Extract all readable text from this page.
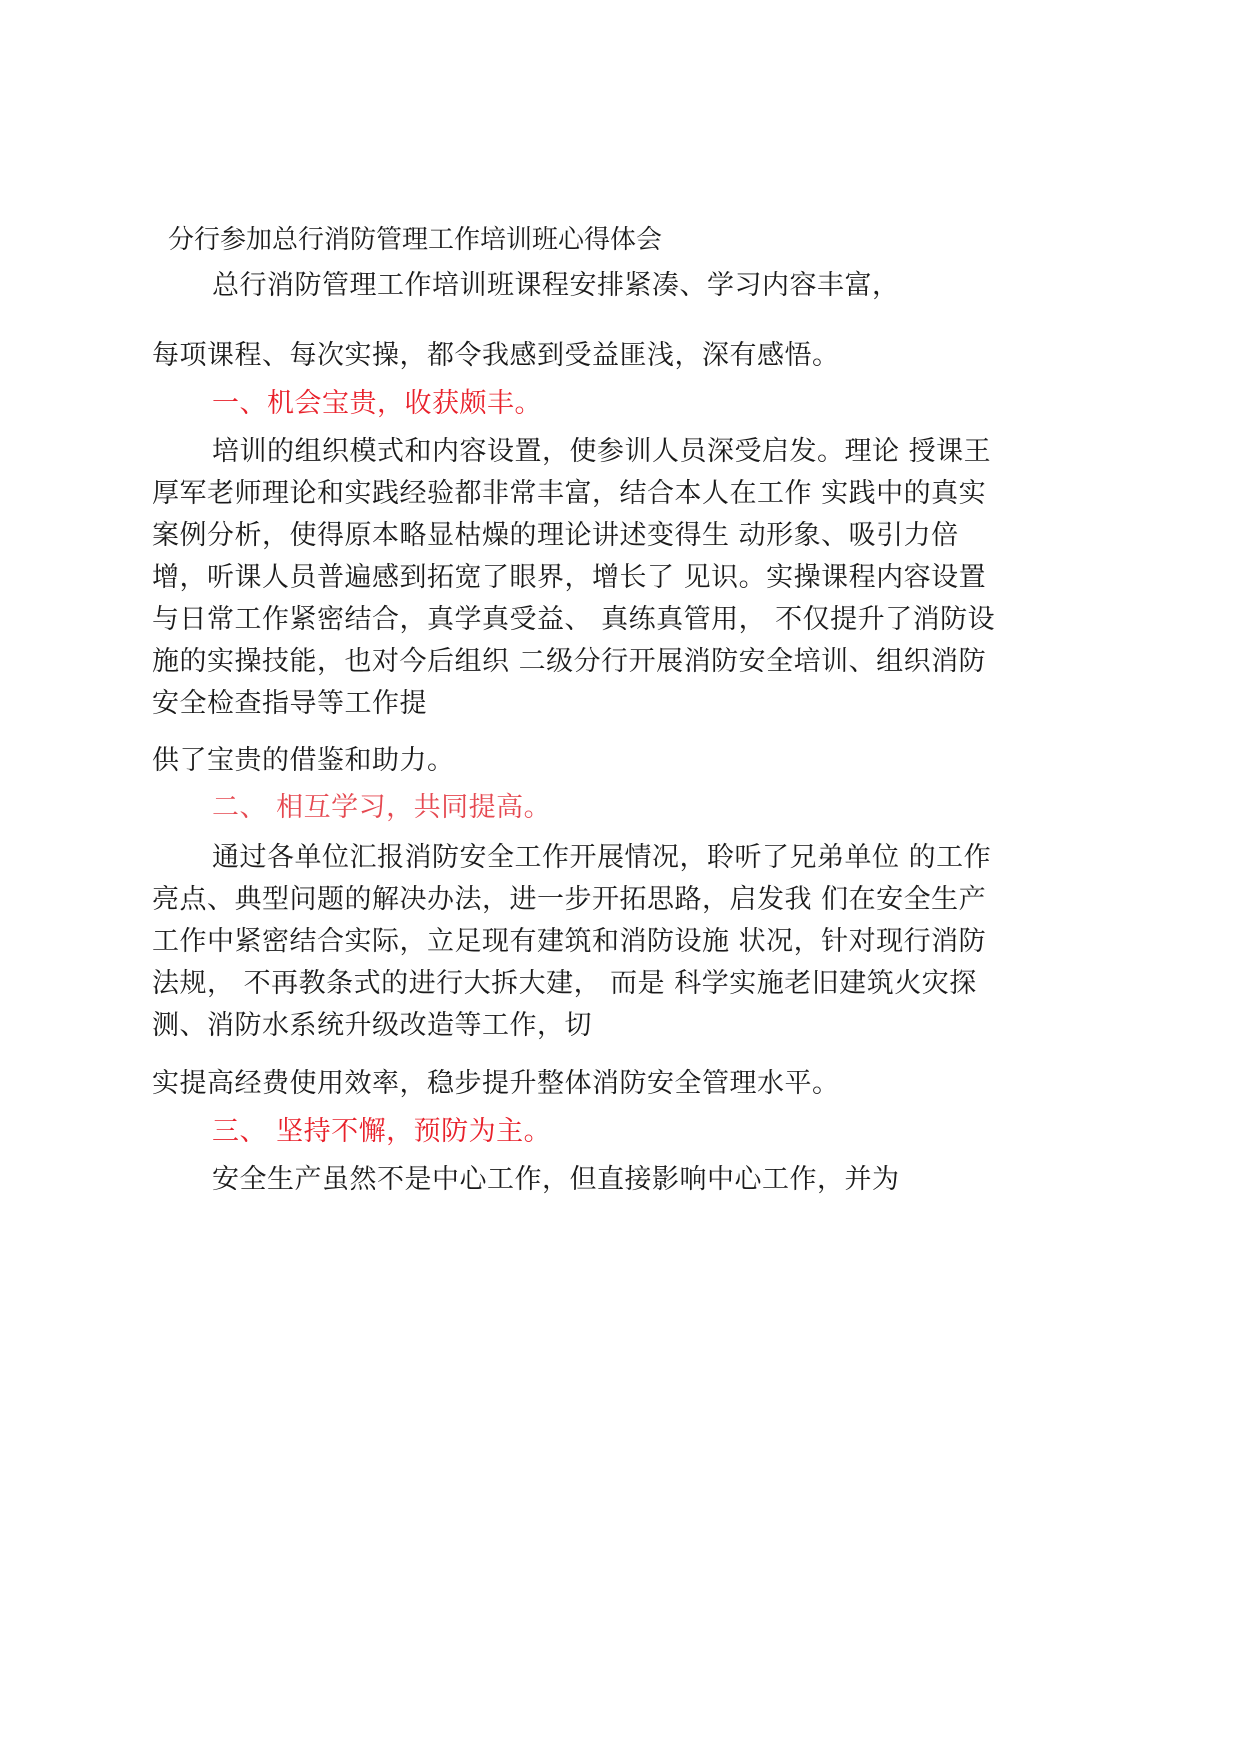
分行参加总行消防管理工作培训班心得体会

总行消防管理工作培训班课程安排紧凑、学习内容丰富，

每项课程、每次实操，都令我感到受益匪浅，深有感悟。

一、机会宝贵，收获颇丰。

培训的组织模式和内容设置，使参训人员深受启发。理论 授课王

厚军老师理论和实践经验都非常丰富，结合本人在工作 实践中的真实

案例分析，使得原本略显枯燥的理论讲述变得生 动形象、吸引力倍

增，听课人员普遍感到拓宽了眼界，增长了 见识。实操课程内容设置

与日常工作紧密结合，真学真受益、 真练真管用， 不仅提升了消防设

施的实操技能，也对今后组织 二级分行开展消防安全培训、组织消防

安全检查指导等工作提

供了宝贵的借鉴和助力。

二、 相互学习，共同提高。

通过各单位汇报消防安全工作开展情况，聆听了兄弟单位 的工作

亮点、典型问题的解决办法，进一步开拓思路，启发我 们在安全生产

工作中紧密结合实际，立足现有建筑和消防设施 状况，针对现行消防

法规， 不再教条式的进行大拆大建， 而是 科学实施老旧建筑火灾探

测、消防水系统升级改造等工作，切

实提高经费使用效率，稳步提升整体消防安全管理水平。

三、 坚持不懈，预防为主。

安全生产虽然不是中心工作，但直接影响中心工作，并为
